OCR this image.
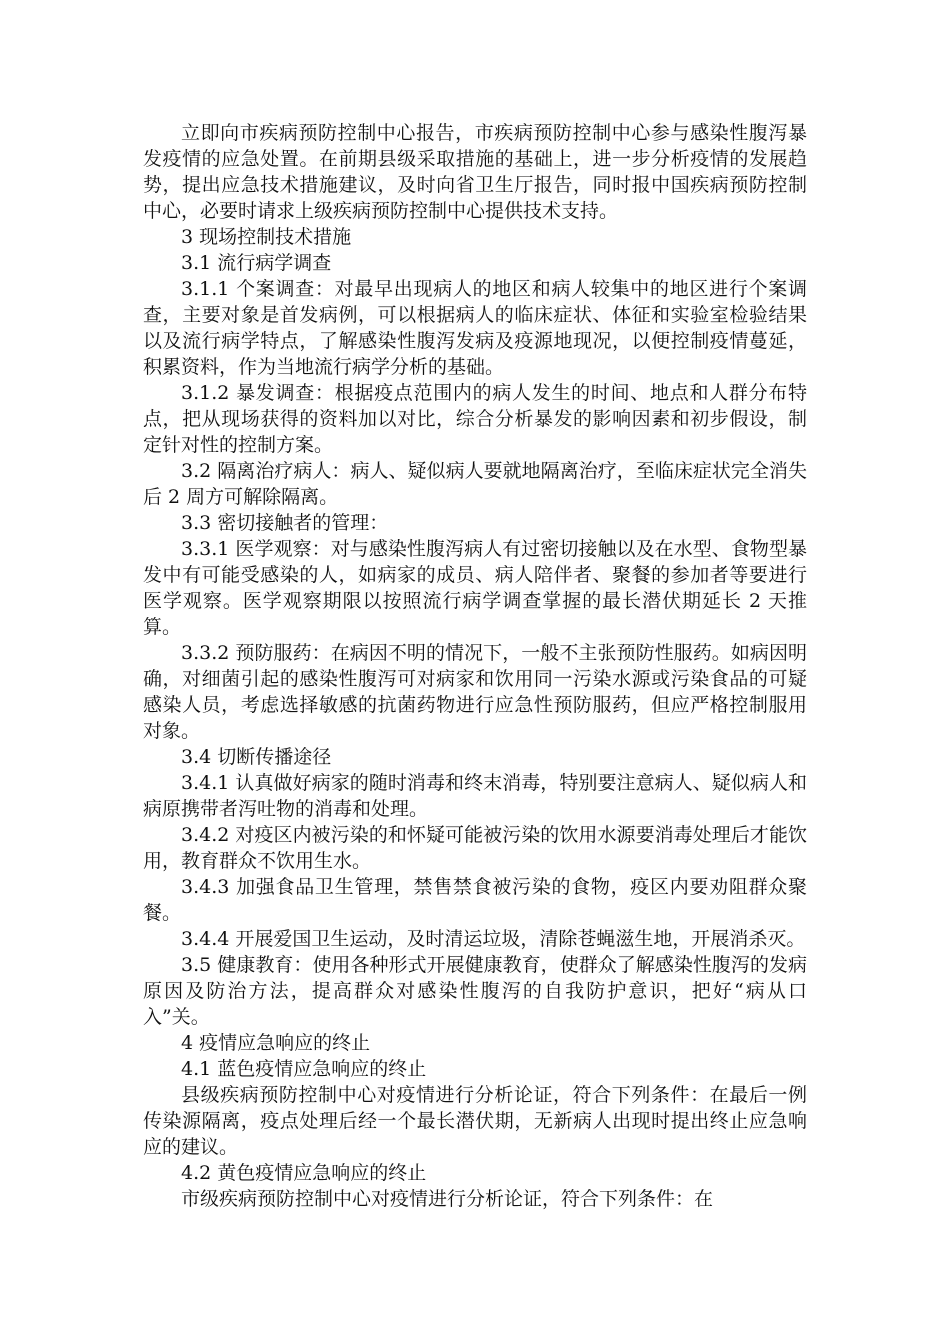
立即向市疾病预防控制中心报告，市疾病预防控制中心参与感染性腹泻暴发疫情的应急处置。在前期县级采取措施的基础上，进一步分析疫情的发展趋势，提出应急技术措施建议，及时向省卫生厅报告，同时报中国疾病预防控制中心，必要时请求上级疾病预防控制中心提供技术支持。

3 现场控制技术措施

3.1 流行病学调查

3.1.1 个案调查：对最早出现病人的地区和病人较集中的地区进行个案调查，主要对象是首发病例，可以根据病人的临床症状、体征和实验室检验结果以及流行病学特点，了解感染性腹泻发病及疫源地现况，以便控制疫情蔓延，积累资料，作为当地流行病学分析的基础。

3.1.2 暴发调查：根据疫点范围内的病人发生的时间、地点和人群分布特点，把从现场获得的资料加以对比，综合分析暴发的影响因素和初步假设，制定针对性的控制方案。

3.2 隔离治疗病人：病人、疑似病人要就地隔离治疗，至临床症状完全消失后 2 周方可解除隔离。

3.3 密切接触者的管理：

3.3.1 医学观察：对与感染性腹泻病人有过密切接触以及在水型、食物型暴发中有可能受感染的人，如病家的成员、病人陪伴者、聚餐的参加者等要进行医学观察。医学观察期限以按照流行病学调查掌握的最长潜伏期延长 2 天推算。

3.3.2 预防服药：在病因不明的情况下，一般不主张预防性服药。如病因明确，对细菌引起的感染性腹泻可对病家和饮用同一污染水源或污染食品的可疑感染人员，考虑选择敏感的抗菌药物进行应急性预防服药，但应严格控制服用对象。

3.4 切断传播途径

3.4.1 认真做好病家的随时消毒和终末消毒，特别要注意病人、疑似病人和病原携带者泻吐物的消毒和处理。

3.4.2 对疫区内被污染的和怀疑可能被污染的饮用水源要消毒处理后才能饮用，教育群众不饮用生水。

3.4.3 加强食品卫生管理，禁售禁食被污染的食物，疫区内要劝阻群众聚餐。

3.4.4 开展爱国卫生运动，及时清运垃圾，清除苍蝇滋生地，开展消杀灭。

3.5 健康教育：使用各种形式开展健康教育，使群众了解感染性腹泻的发病原因及防治方法，提高群众对感染性腹泻的自我防护意识，把好“病从口入”关。

4 疫情应急响应的终止

4.1 蓝色疫情应急响应的终止

县级疾病预防控制中心对疫情进行分析论证，符合下列条件：在最后一例传染源隔离，疫点处理后经一个最长潜伏期，无新病人出现时提出终止应急响应的建议。

4.2 黄色疫情应急响应的终止

市级疾病预防控制中心对疫情进行分析论证，符合下列条件：在
